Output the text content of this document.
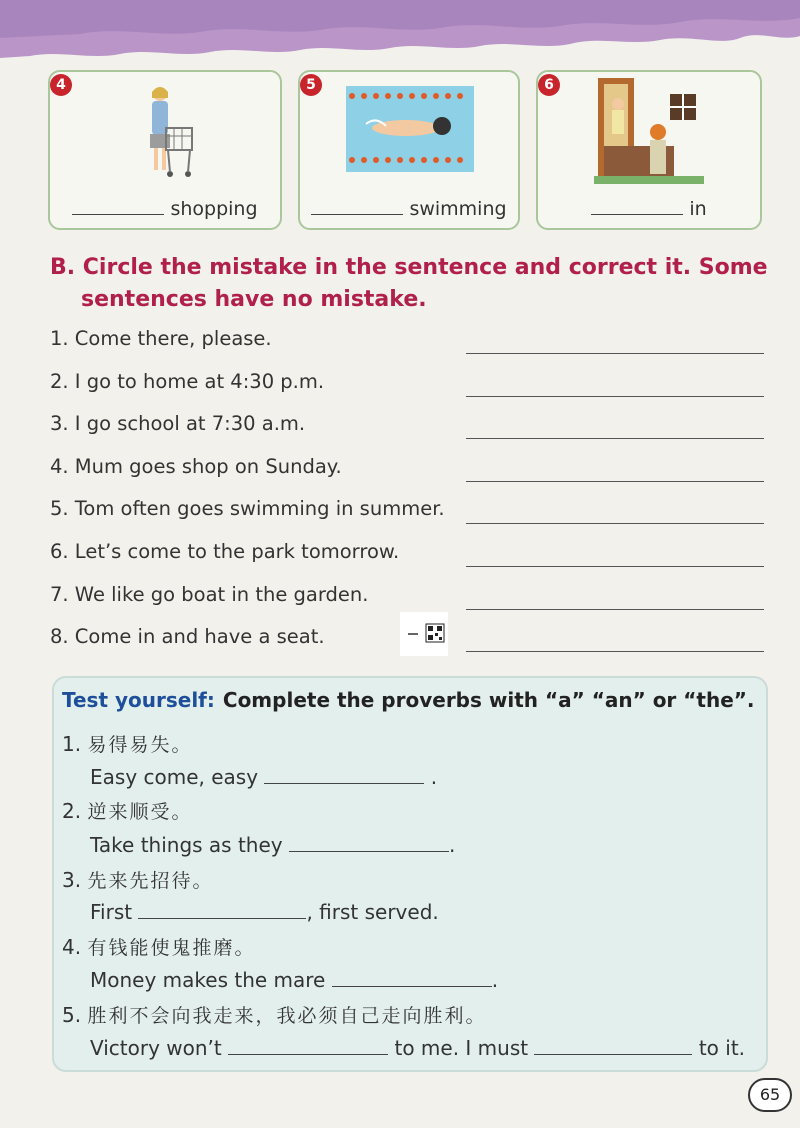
4
shopping
5
swimming
6
in
B. Circle the mistake in the sentence and correct it. Some
sentences have no mistake.
1. Come there, please.
2. I go to home at 4:30 p.m.
3. I go school at 7:30 a.m.
4. Mum goes shop on Sunday.
5. Tom often goes swimming in summer.
6. Let’s come to the park tomorrow.
7. We like go boat in the garden.
8. Come in and have a seat.
Test yourself: Complete the proverbs with “a” “an” or “the”.
1. 易得易失。
Easy come, easy	.
2. 逆来顺受。
Take things as they	.
3. 先来先招待。
First	, first served.
4. 有钱能使鬼推磨。
Money makes the mare	.
5. 胜利不会向我走来，我必须自己走向胜利。
Victory won’t	to me. I must	to it.
65
